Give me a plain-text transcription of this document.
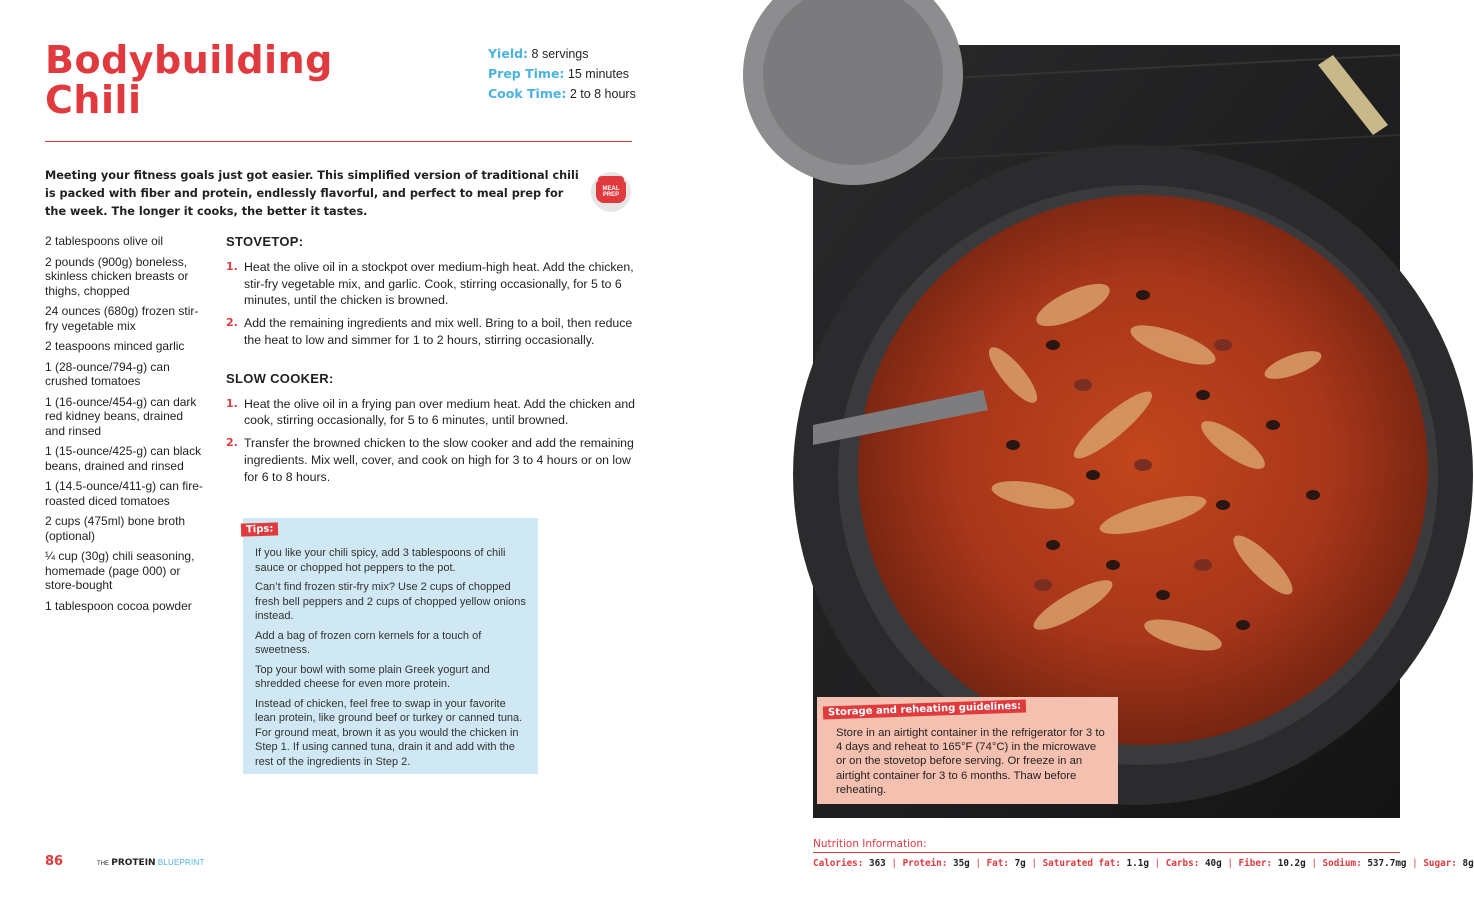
Bodybuilding
Chili
Yield: 8 servings
Prep Time: 15 minutes
Cook Time: 2 to 8 hours
Meeting your fitness goals just got easier. This simplified version of traditional chili is packed with fiber and protein, endlessly flavorful, and perfect to meal prep for the week. The longer it cooks, the better it tastes.
MEAL
PREP
2 tablespoons olive oil
2 pounds (900g) boneless, skinless chicken breasts or thighs, chopped
24 ounces (680g) frozen stir-fry vegetable mix
2 teaspoons minced garlic
1 (28-ounce/794-g) can crushed tomatoes
1 (16-ounce/454-g) can dark red kidney beans, drained and rinsed
1 (15-ounce/425-g) can black beans, drained and rinsed
1 (14.5-ounce/411-g) can fire-roasted diced tomatoes
2 cups (475ml) bone broth (optional)
¼ cup (30g) chili seasoning, homemade (page 000) or store-bought
1 tablespoon cocoa powder
STOVETOP:
1. Heat the olive oil in a stockpot over medium-high heat. Add the chicken, stir-fry vegetable mix, and garlic. Cook, stirring occasionally, for 5 to 6 minutes, until the chicken is browned.
2. Add the remaining ingredients and mix well. Bring to a boil, then reduce the heat to low and simmer for 1 to 2 hours, stirring occasionally.
SLOW COOKER:
1. Heat the olive oil in a frying pan over medium heat. Add the chicken and cook, stirring occasionally, for 5 to 6 minutes, until browned.
2. Transfer the browned chicken to the slow cooker and add the remaining ingredients. Mix well, cover, and cook on high for 3 to 4 hours or on low for 6 to 8 hours.
Tips:
If you like your chili spicy, add 3 tablespoons of chili sauce or chopped hot peppers to the pot.
Can’t find frozen stir-fry mix? Use 2 cups of chopped fresh bell peppers and 2 cups of chopped yellow onions instead.
Add a bag of frozen corn kernels for a touch of sweetness.
Top your bowl with some plain Greek yogurt and shredded cheese for even more protein.
Instead of chicken, feel free to swap in your favorite lean protein, like ground beef or turkey or canned tuna. For ground meat, brown it as you would the chicken in Step 1. If using canned tuna, drain it and add with the rest of the ingredients in Step 2.
86	THE PROTEIN BLUEPRINT
Storage and reheating guidelines:
Store in an airtight container in the refrigerator for 3 to 4 days and reheat to 165°F (74°C) in the microwave or on the stovetop before serving. Or freeze in an airtight container for 3 to 6 months. Thaw before reheating.
Nutrition Information:
Calories: 363 | Protein: 35g | Fat: 7g | Saturated fat: 1.1g | Carbs: 40g | Fiber: 10.2g | Sodium: 537.7mg | Sugar: 8g
